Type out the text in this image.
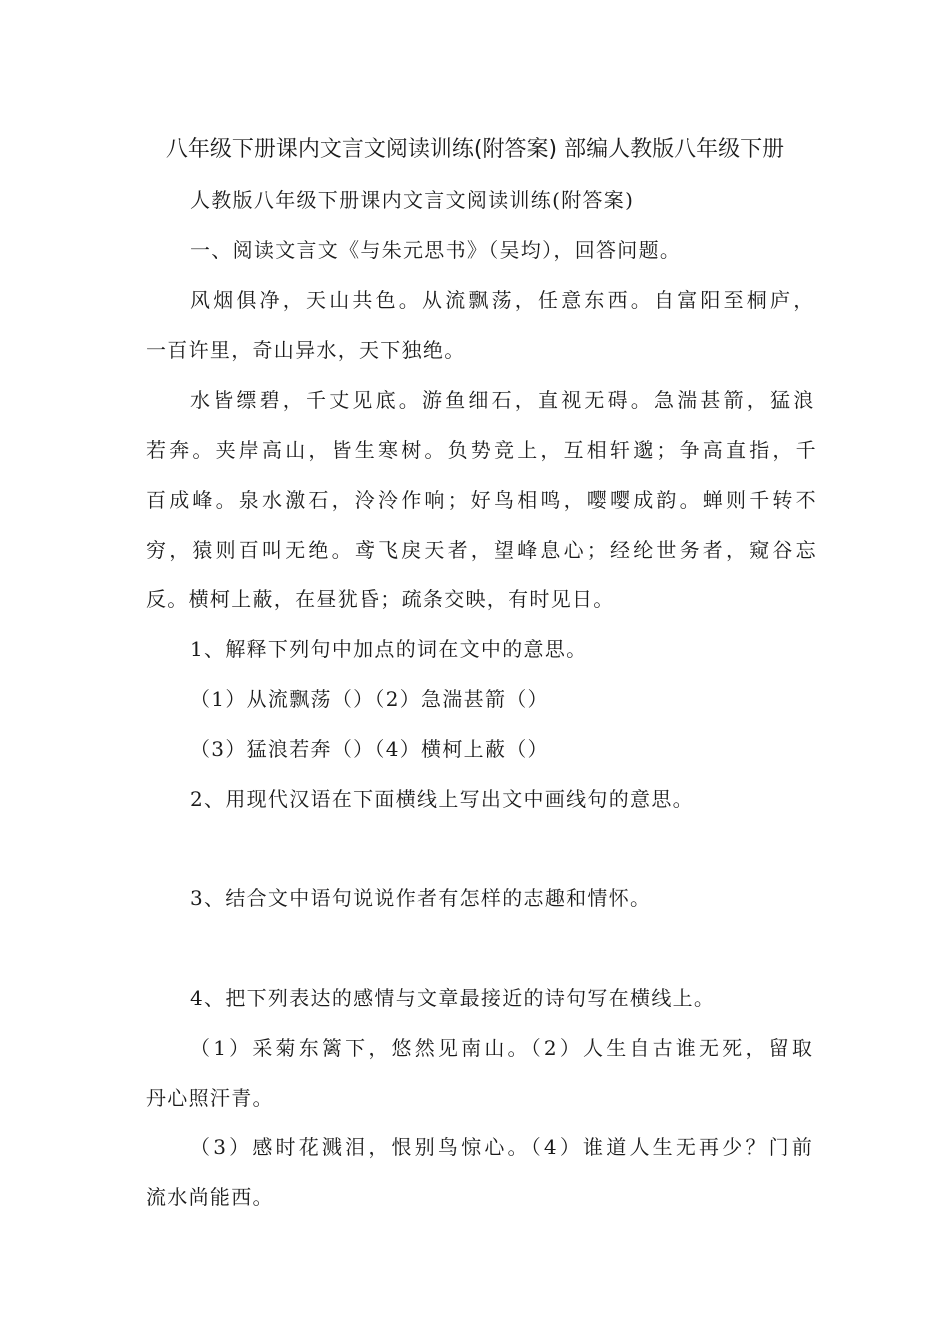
八年级下册课内文言文阅读训练(附答案) 部编人教版八年级下册
人教版八年级下册课内文言文阅读训练(附答案)
一、阅读文言文《与朱元思书》（吴均），回答问题。
风烟俱净，天山共色。从流飘荡，任意东西。自富阳至桐庐，
一百许里，奇山异水，天下独绝。
水皆缥碧，千丈见底。游鱼细石，直视无碍。急湍甚箭，猛浪
若奔。夹岸高山，皆生寒树。负势竞上，互相轩邈；争高直指，千
百成峰。泉水激石，泠泠作响；好鸟相鸣，嘤嘤成韵。蝉则千转不
穷，猿则百叫无绝。鸢飞戾天者，望峰息心；经纶世务者，窥谷忘
反。横柯上蔽，在昼犹昏；疏条交映，有时见日。
1、解释下列句中加点的词在文中的意思。
（1）从流飘荡（）（2）急湍甚箭（）
（3）猛浪若奔（）（4）横柯上蔽（）
2、用现代汉语在下面横线上写出文中画线句的意思。
3、结合文中语句说说作者有怎样的志趣和情怀。
4、把下列表达的感情与文章最接近的诗句写在横线上。
（1）采菊东篱下，悠然见南山。（2）人生自古谁无死，留取
丹心照汗青。
（3）感时花溅泪，恨别鸟惊心。（4）谁道人生无再少？门前
流水尚能西。
